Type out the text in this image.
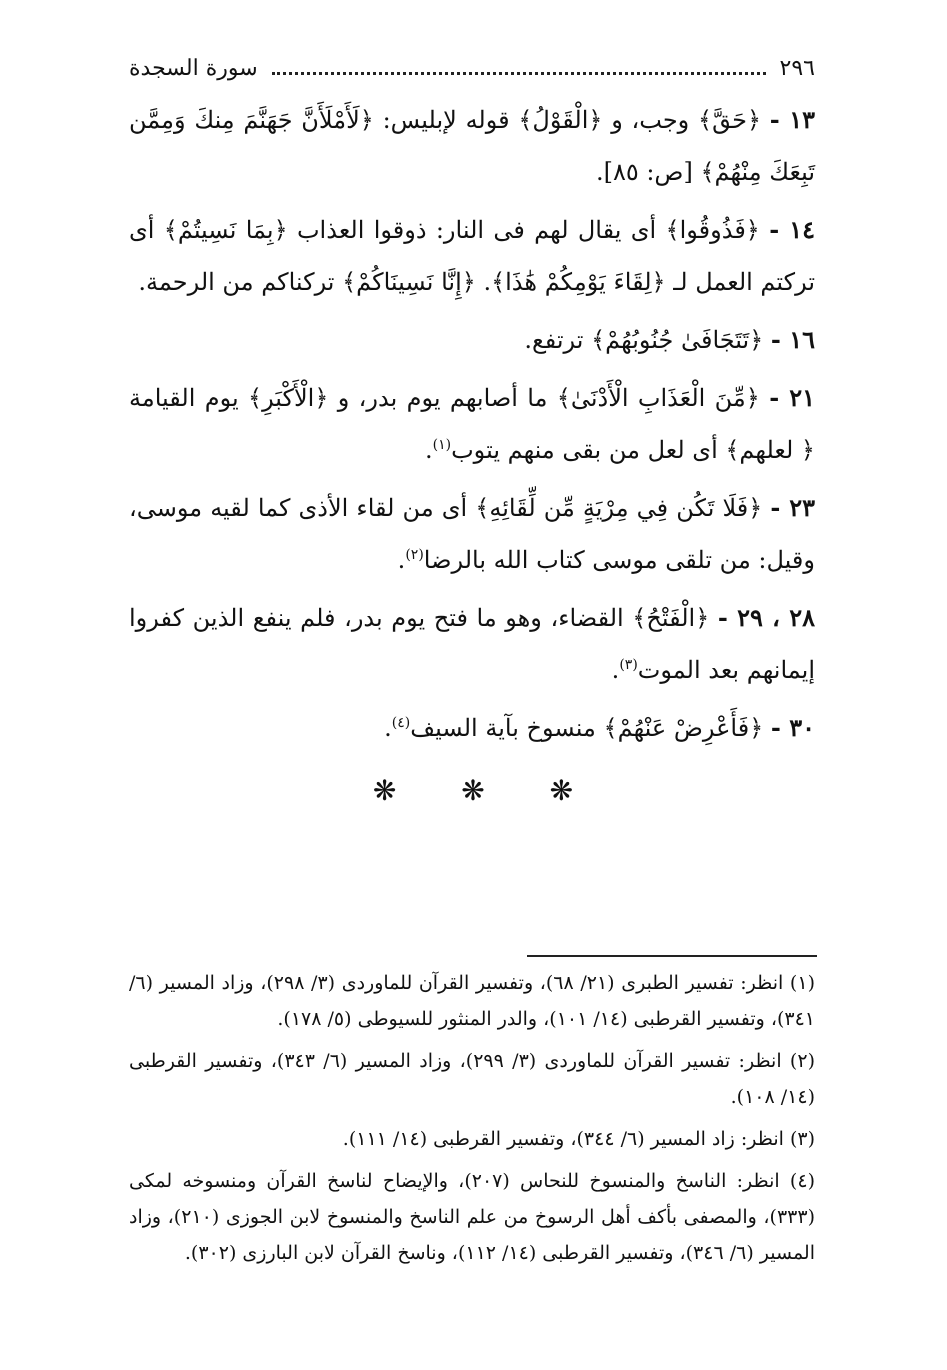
٢٩٦
سورة السجدة

١٣ - ﴿حَقَّ﴾ وجب، و ﴿الْقَوْلُ﴾ قوله لإبليس: ﴿لَأَمْلَأَنَّ جَهَنَّمَ مِنكَ وَمِمَّن تَبِعَكَ مِنْهُمْ﴾ [ص: ٨٥].

١٤ - ﴿فَذُوقُوا﴾ أى يقال لهم فى النار: ذوقوا العذاب ﴿بِمَا نَسِيتُمْ﴾ أى تركتم العمل لـ ﴿لِقَاءَ يَوْمِكُمْ هَٰذَا﴾. ﴿إِنَّا نَسِينَاكُمْ﴾ تركناكم من الرحمة.

١٦ - ﴿تَتَجَافَىٰ جُنُوبُهُمْ﴾ ترتفع.

٢١ - ﴿مِّنَ الْعَذَابِ الْأَدْنَىٰ﴾ ما أصابهم يوم بدر، و ﴿الْأَكْبَرِ﴾ يوم القيامة ﴿ لعلهم﴾ أى لعل من بقى منهم يتوب$^{(١)}$.

٢٣ - ﴿فَلَا تَكُن فِي مِرْيَةٍ مِّن لِّقَائِهِ﴾ أى من لقاء الأذى كما لقيه موسى، وقيل: من تلقى موسى كتاب الله بالرضا$^{(٢)}$.

٢٨ ، ٢٩ - ﴿الْفَتْحُ﴾ القضاء، وهو ما فتح يوم بدر، فلم ينفع الذين كفروا إيمانهم بعد الموت$^{(٣)}$.

٣٠ - ﴿فَأَعْرِضْ عَنْهُمْ﴾ منسوخ بآية السيف$^{(٤)}$.

❋ ❋ ❋

(١) انظر: تفسير الطبرى (٢١/ ٦٨)، وتفسير القرآن للماوردى (٣/ ٢٩٨)، وزاد المسير (٦/ ٣٤١)، وتفسير القرطبى (١٤/ ١٠١)، والدر المنثور للسيوطى (٥/ ١٧٨).

(٢) انظر: تفسير القرآن للماوردى (٣/ ٢٩٩)، وزاد المسير (٦/ ٣٤٣)، وتفسير القرطبى (١٤/ ١٠٨).

(٣) انظر: زاد المسير (٦/ ٣٤٤)، وتفسير القرطبى (١٤/ ١١١).

(٤) انظر: الناسخ والمنسوخ للنحاس (٢٠٧)، والإيضاح لناسخ القرآن ومنسوخه لمكى (٣٣٣)، والمصفى بأكف أهل الرسوخ من علم الناسخ والمنسوخ لابن الجوزى (٢١٠)، وزاد المسير (٦/ ٣٤٦)، وتفسير القرطبى (١٤/ ١١٢)، وناسخ القرآن لابن البارزى (٣٠٢).
